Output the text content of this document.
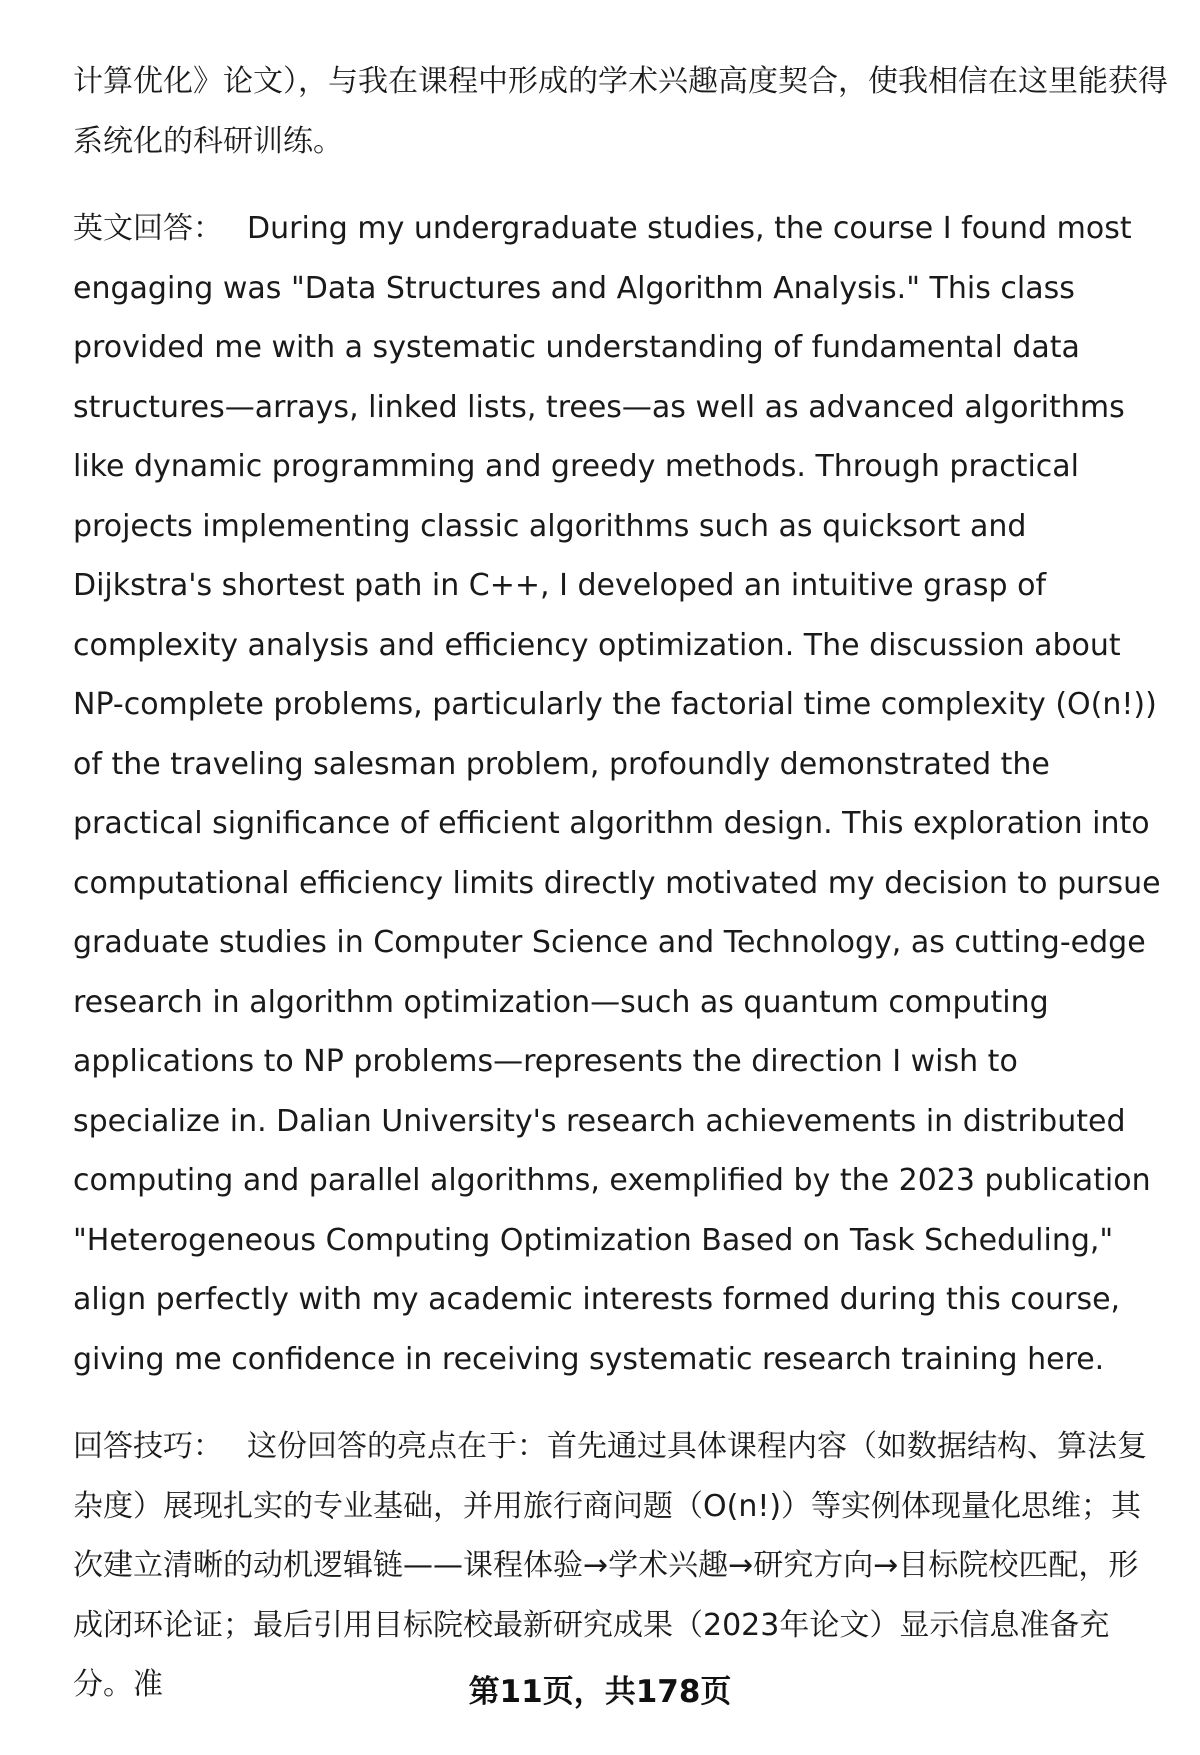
​

计算优化》论文），与我在课程中形成的学术兴趣高度契合，使我相信在这里能获得系统化的科研训练。

英文回答： During my undergraduate studies, the course I found most engaging was "Data Structures and Algorithm Analysis." This class provided me with a systematic understanding of fundamental data structures—arrays, linked lists, trees—as well as advanced algorithms like dynamic programming and greedy methods. Through practical projects implementing classic algorithms such as quicksort and Dijkstra's shortest path in C++, I developed an intuitive grasp of complexity analysis and efficiency optimization. The discussion about NP-complete problems, particularly the factorial time complexity (O(n!)) of the traveling salesman problem, profoundly demonstrated the practical significance of efficient algorithm design. This exploration into computational efficiency limits directly motivated my decision to pursue graduate studies in Computer Science and Technology, as cutting-edge research in algorithm optimization—such as quantum computing applications to NP problems—represents the direction I wish to specialize in. Dalian University's research achievements in distributed computing and parallel algorithms, exemplified by the 2023 publication "Heterogeneous Computing Optimization Based on Task Scheduling," align perfectly with my academic interests formed during this course, giving me confidence in receiving systematic research training here.

回答技巧： 这份回答的亮点在于：首先通过具体课程内容（如数据结构、算法复杂度）展现扎实的专业基础，并用旅行商问题（O(n!)）等实例体现量化思维；其次建立清晰的动机逻辑链——课程体验→学术兴趣→研究方向→目标院校匹配，形成闭环论证；最后引用目标院校最新研究成果（2023年论文）显示信息准备充分。准	第11页，共178页
